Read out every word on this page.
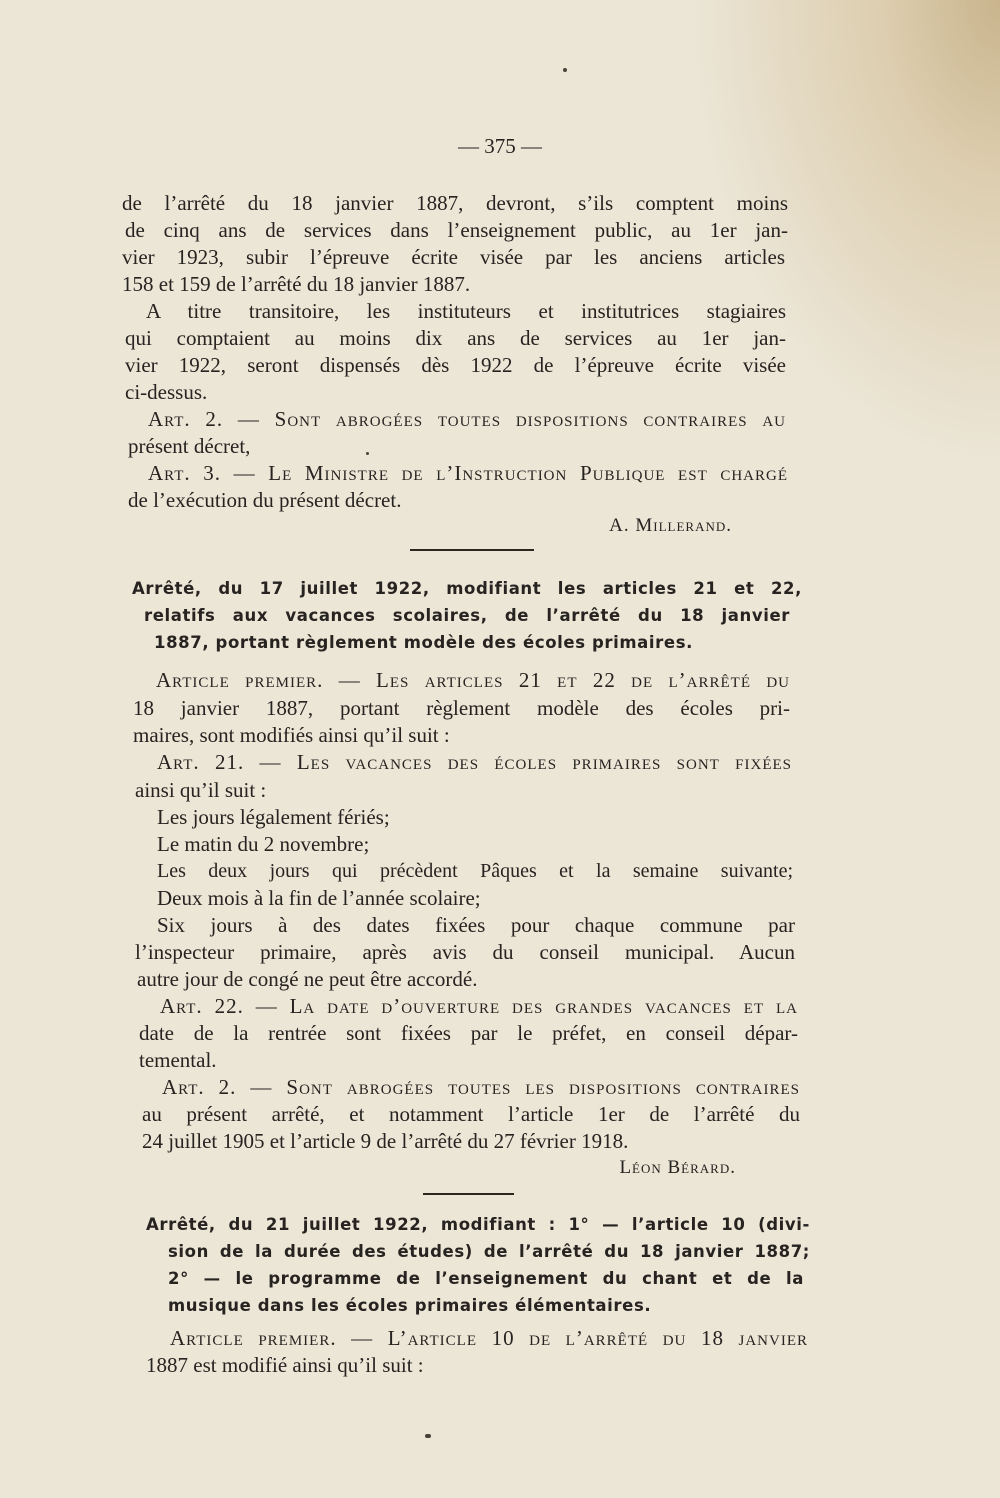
— 375 —
de l’arrêté du 18 janvier 1887, devront, s’ils comptent moins
de cinq ans de services dans l’enseignement public, au 1er jan-
vier 1923, subir l’épreuve écrite visée par les anciens articles
158 et 159 de l’arrêté du 18 janvier 1887.
A titre transitoire, les instituteurs et institutrices stagiaires
qui comptaient au moins dix ans de services au 1er jan-
vier 1922, seront dispensés dès 1922 de l’épreuve écrite visée
ci-dessus.
Art. 2. — Sont abrogées toutes dispositions contraires au
présent décret,
Art. 3. — Le Ministre de l’Instruction Publique est chargé
de l’exécution du présent décret.
A. Millerand.
Arrêté, du 17 juillet 1922, modifiant les articles 21 et 22,
relatifs aux vacances scolaires, de l’arrêté du 18 janvier
1887, portant règlement modèle des écoles primaires.
Article premier. — Les articles 21 et 22 de l’arrêté du
18 janvier 1887, portant règlement modèle des écoles pri-
maires, sont modifiés ainsi qu’il suit :
Art. 21. — Les vacances des écoles primaires sont fixées
ainsi qu’il suit :
Les jours légalement fériés;
Le matin du 2 novembre;
Les deux jours qui précèdent Pâques et la semaine suivante;
Deux mois à la fin de l’année scolaire;
Six jours à des dates fixées pour chaque commune par
l’inspecteur primaire, après avis du conseil municipal. Aucun
autre jour de congé ne peut être accordé.
Art. 22. — La date d’ouverture des grandes vacances et la
date de la rentrée sont fixées par le préfet, en conseil dépar-
temental.
Art. 2. — Sont abrogées toutes les dispositions contraires
au présent arrêté, et notamment l’article 1er de l’arrêté du
24 juillet 1905 et l’article 9 de l’arrêté du 27 février 1918.
Léon Bérard.
Arrêté, du 21 juillet 1922, modifiant : 1° — l’article 10 (divi-
sion de la durée des études) de l’arrêté du 18 janvier 1887;
2° — le programme de l’enseignement du chant et de la
musique dans les écoles primaires élémentaires.
Article premier. — L’article 10 de l’arrêté du 18 janvier
1887 est modifié ainsi qu’il suit :
